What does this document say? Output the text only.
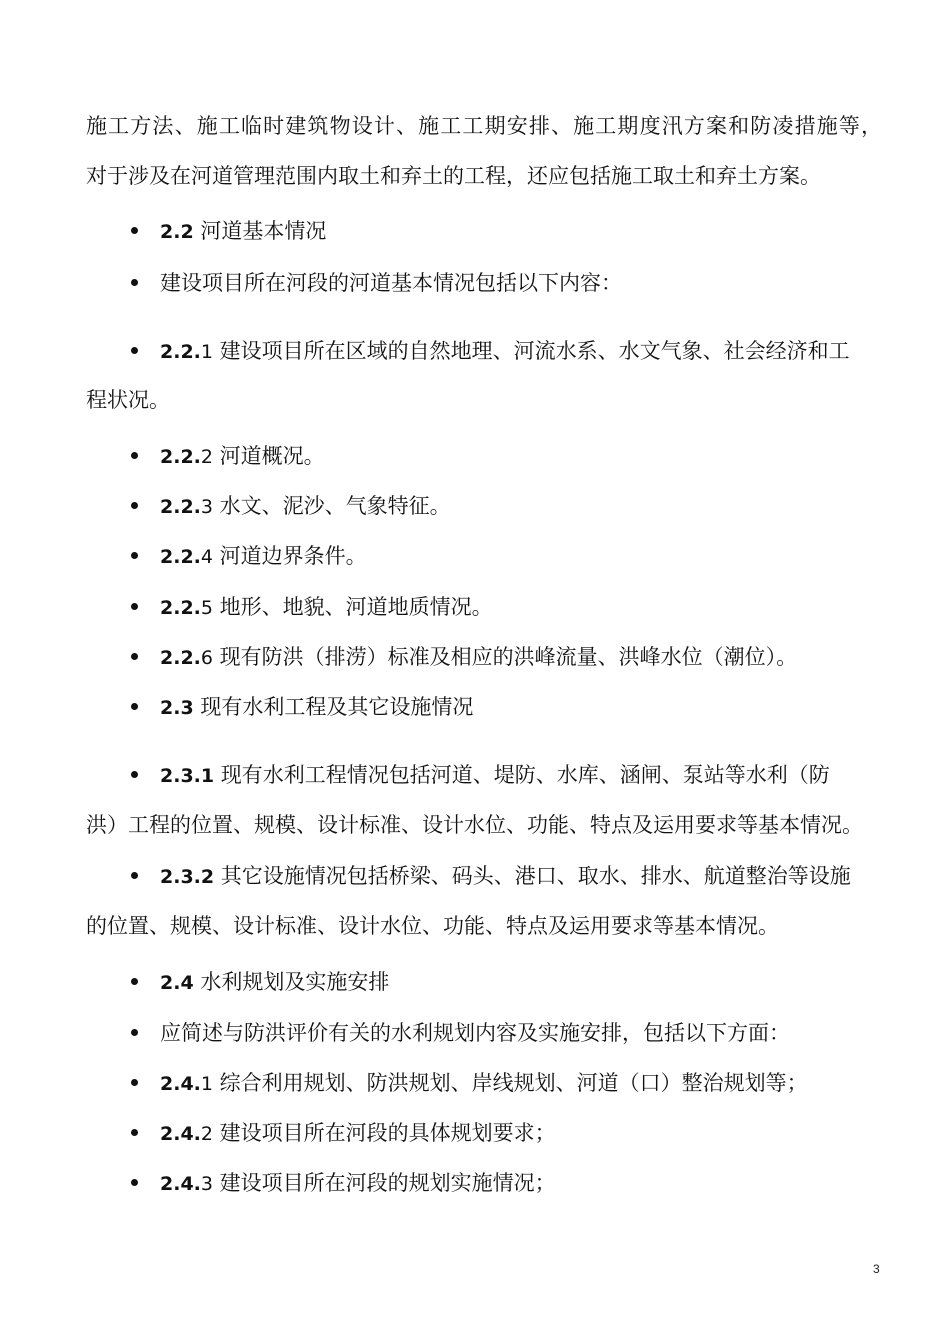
施工方法、施工临时建筑物设计、施工工期安排、施工期度汛方案和防凌措施等，
对于涉及在河道管理范围内取土和弃土的工程，还应包括施工取土和弃土方案。
2.2 河道基本情况
建设项目所在河段的河道基本情况包括以下内容：
2.2.1 建设项目所在区域的自然地理、河流水系、水文气象、社会经济和工
程状况。
2.2.2 河道概况。
2.2.3 水文、泥沙、气象特征。
2.2.4 河道边界条件。
2.2.5 地形、地貌、河道地质情况。
2.2.6 现有防洪（排涝）标准及相应的洪峰流量、洪峰水位（潮位）。
2.3 现有水利工程及其它设施情况
2.3.1 现有水利工程情况包括河道、堤防、水库、涵闸、泵站等水利（防
洪）工程的位置、规模、设计标准、设计水位、功能、特点及运用要求等基本情况。
2.3.2 其它设施情况包括桥梁、码头、港口、取水、排水、航道整治等设施
的位置、规模、设计标准、设计水位、功能、特点及运用要求等基本情况。
2.4 水利规划及实施安排
应简述与防洪评价有关的水利规划内容及实施安排，包括以下方面：
2.4.1 综合利用规划、防洪规划、岸线规划、河道（口）整治规划等；
2.4.2 建设项目所在河段的具体规划要求；
2.4.3 建设项目所在河段的规划实施情况；
3
